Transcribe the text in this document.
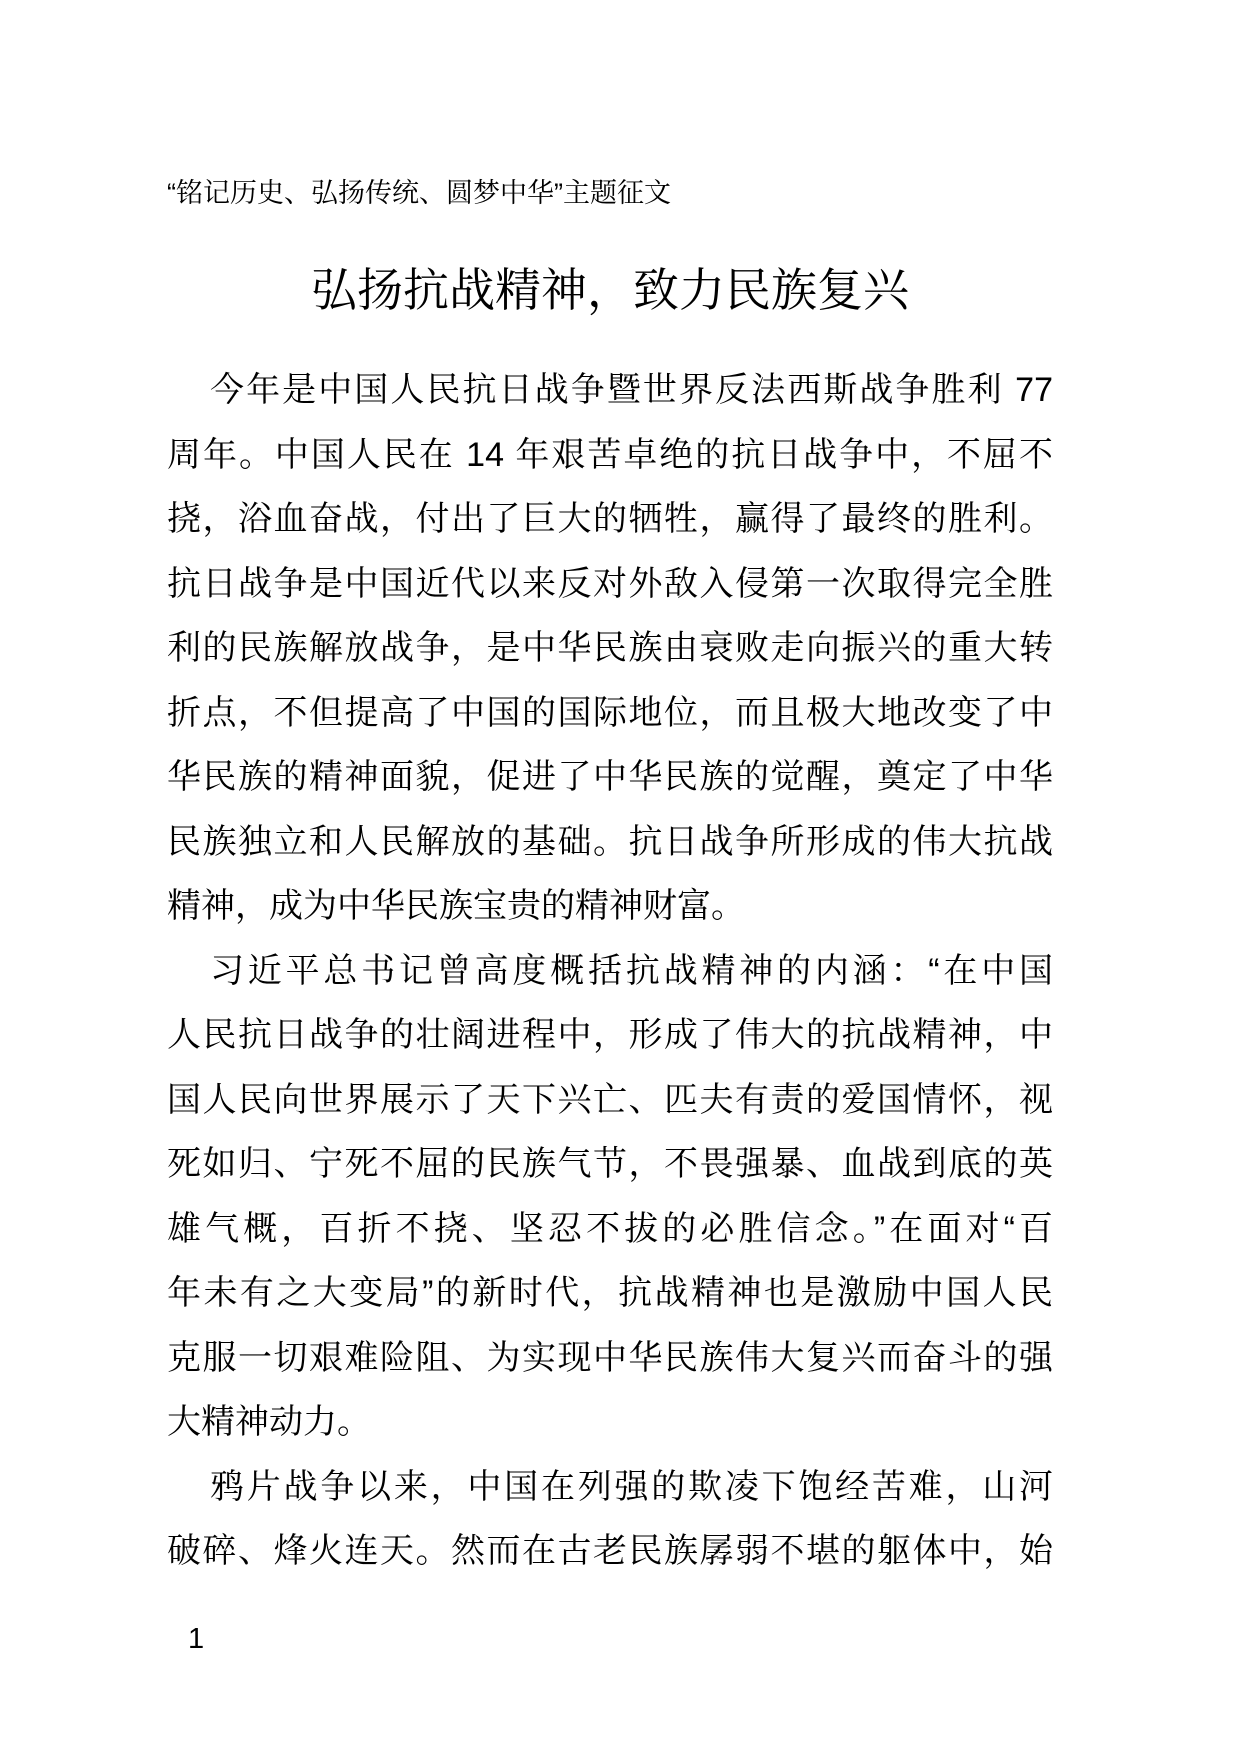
“铭记历史、弘扬传统、圆梦中华”主题征文
弘扬抗战精神，致力民族复兴

今年是中国人民抗日战争暨世界反法西斯战争胜利 77
周年。中国人民在 14 年艰苦卓绝的抗日战争中，不屈不
挠，浴血奋战，付出了巨大的牺牲，赢得了最终的胜利。
抗日战争是中国近代以来反对外敌入侵第一次取得完全胜
利的民族解放战争，是中华民族由衰败走向振兴的重大转
折点，不但提高了中国的国际地位，而且极大地改变了中
华民族的精神面貌，促进了中华民族的觉醒，奠定了中华
民族独立和人民解放的基础。抗日战争所形成的伟大抗战
精神，成为中华民族宝贵的精神财富。

习近平总书记曾高度概括抗战精神的内涵：“在中国
人民抗日战争的壮阔进程中，形成了伟大的抗战精神，中
国人民向世界展示了天下兴亡、匹夫有责的爱国情怀，视
死如归、宁死不屈的民族气节，不畏强暴、血战到底的英
雄气概，百折不挠、坚忍不拔的必胜信念。”在面对“百
年未有之大变局”的新时代，抗战精神也是激励中国人民
克服一切艰难险阻、为实现中华民族伟大复兴而奋斗的强
大精神动力。

鸦片战争以来，中国在列强的欺凌下饱经苦难，山河
破碎、烽火连天。然而在古老民族孱弱不堪的躯体中，始

1
